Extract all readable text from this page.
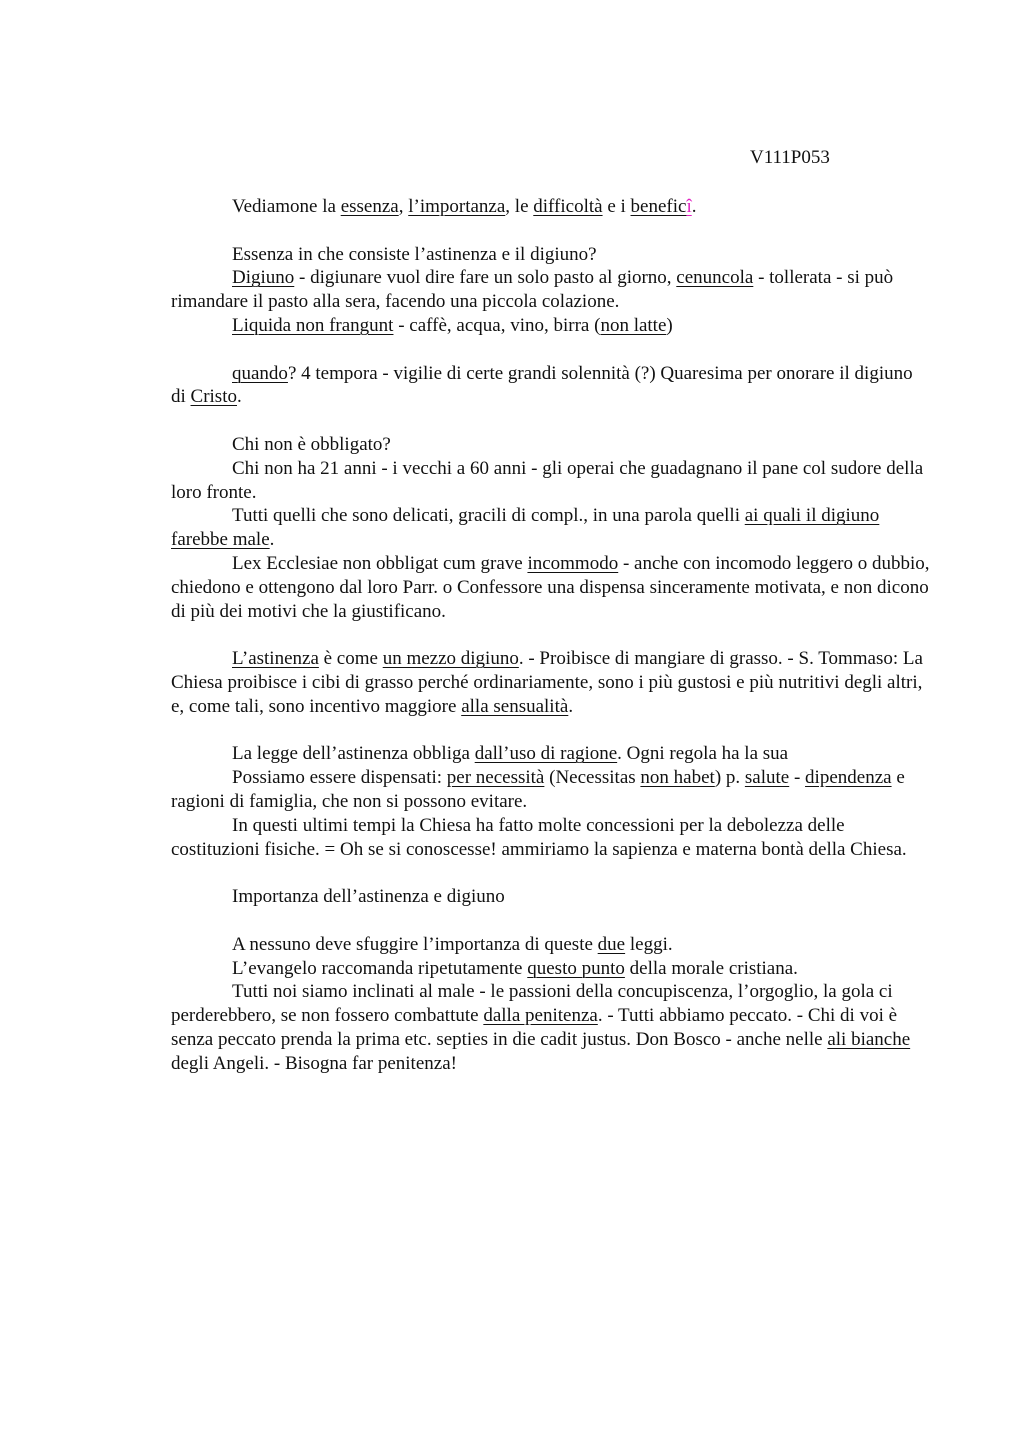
V111P053

Vediamone la essenza, l’importanza, le difficoltà e i beneficî.

Essenza in che consiste l’astinenza e il digiuno?

Digiuno - digiunare vuol dire fare un solo pasto al giorno, cenuncola - tollerata - si può rimandare il pasto alla sera, facendo una piccola colazione.

Liquida non frangunt - caffè, acqua, vino, birra (non latte)

quando? 4 tempora - vigilie di certe grandi solennità (?) Quaresima per onorare il digiuno di Cristo.

Chi non è obbligato?

Chi non ha 21 anni - i vecchi a 60 anni - gli operai che guadagnano il pane col sudore della loro fronte.

Tutti quelli che sono delicati, gracili di compl., in una parola quelli ai quali il digiuno farebbe male.

Lex Ecclesiae non obbligat cum grave incommodo - anche con incomodo leggero o dubbio, chiedono e ottengono dal loro Parr. o Confessore una dispensa sinceramente motivata, e non dicono di più dei motivi che la giustificano.

L’astinenza è come un mezzo digiuno. - Proibisce di mangiare di grasso. - S. Tommaso: La Chiesa proibisce i cibi di grasso perché ordinariamente, sono i più gustosi e più nutritivi degli altri, e, come tali, sono incentivo maggiore alla sensualità.

La legge dell’astinenza obbliga dall’uso di ragione. Ogni regola ha la sua

Possiamo essere dispensati: per necessità (Necessitas non habet) p. salute - dipendenza e ragioni di famiglia, che non si possono evitare.

In questi ultimi tempi la Chiesa ha fatto molte concessioni per la debolezza delle costituzioni fisiche. = Oh se si conoscesse! ammiriamo la sapienza e materna bontà della Chiesa.

Importanza dell’astinenza e digiuno

A nessuno deve sfuggire l’importanza di queste due leggi.

L’evangelo raccomanda ripetutamente questo punto della morale cristiana.

Tutti noi siamo inclinati al male - le passioni della concupiscenza, l’orgoglio, la gola ci perderebbero, se non fossero combattute dalla penitenza. - Tutti abbiamo peccato. - Chi di voi è senza peccato prenda la prima etc. septies in die cadit justus. Don Bosco - anche nelle ali bianche degli Angeli. - Bisogna far penitenza!
